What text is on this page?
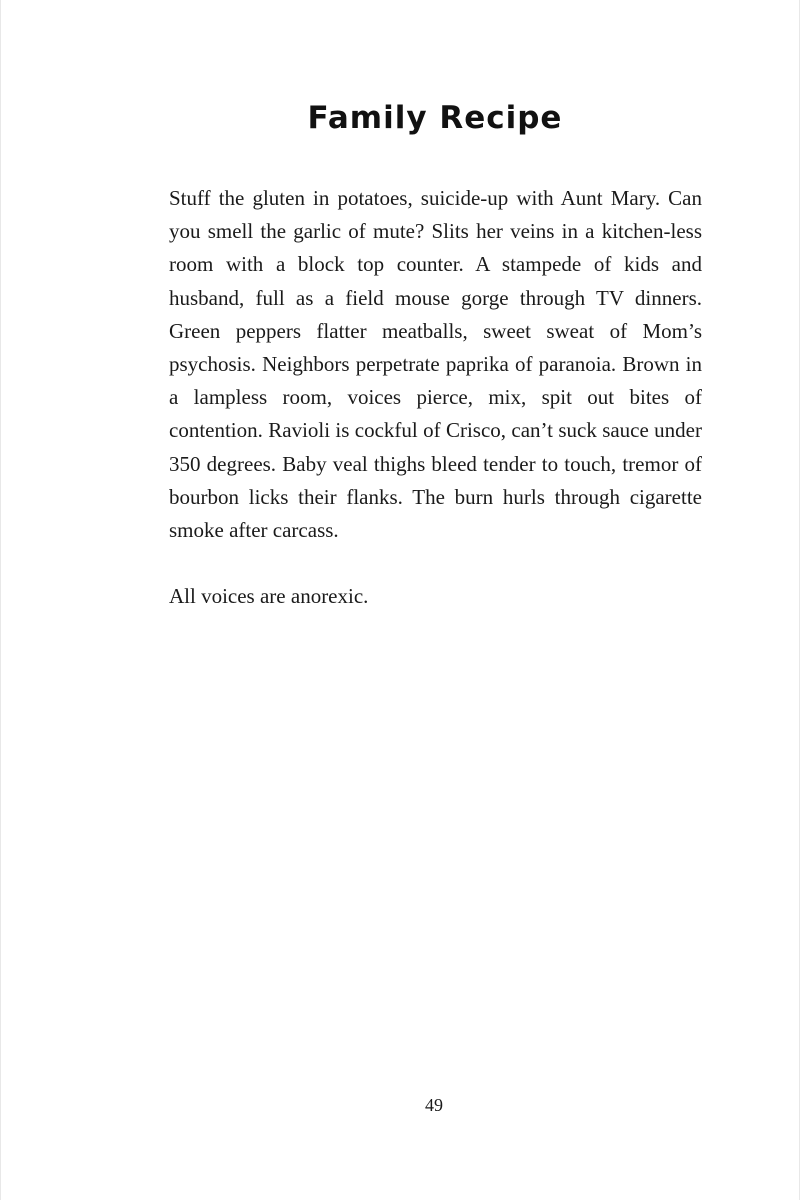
Family Recipe

Stuff the gluten in potatoes, suicide-up with Aunt Mary. Can you smell the garlic of mute? Slits her veins in a kitchen-less room with a block top counter. A stampede of kids and husband, full as a field mouse gorge through TV dinners. Green peppers flatter meatballs, sweet sweat of Mom’s psychosis. Neighbors perpetrate paprika of paranoia. Brown in a lampless room, voices pierce, mix, spit out bites of contention. Ravioli is cockful of Crisco, can’t suck sauce under 350 degrees. Baby veal thighs bleed tender to touch, tremor of bourbon licks their flanks. The burn hurls through cigarette smoke after carcass.

All voices are anorexic.

49
